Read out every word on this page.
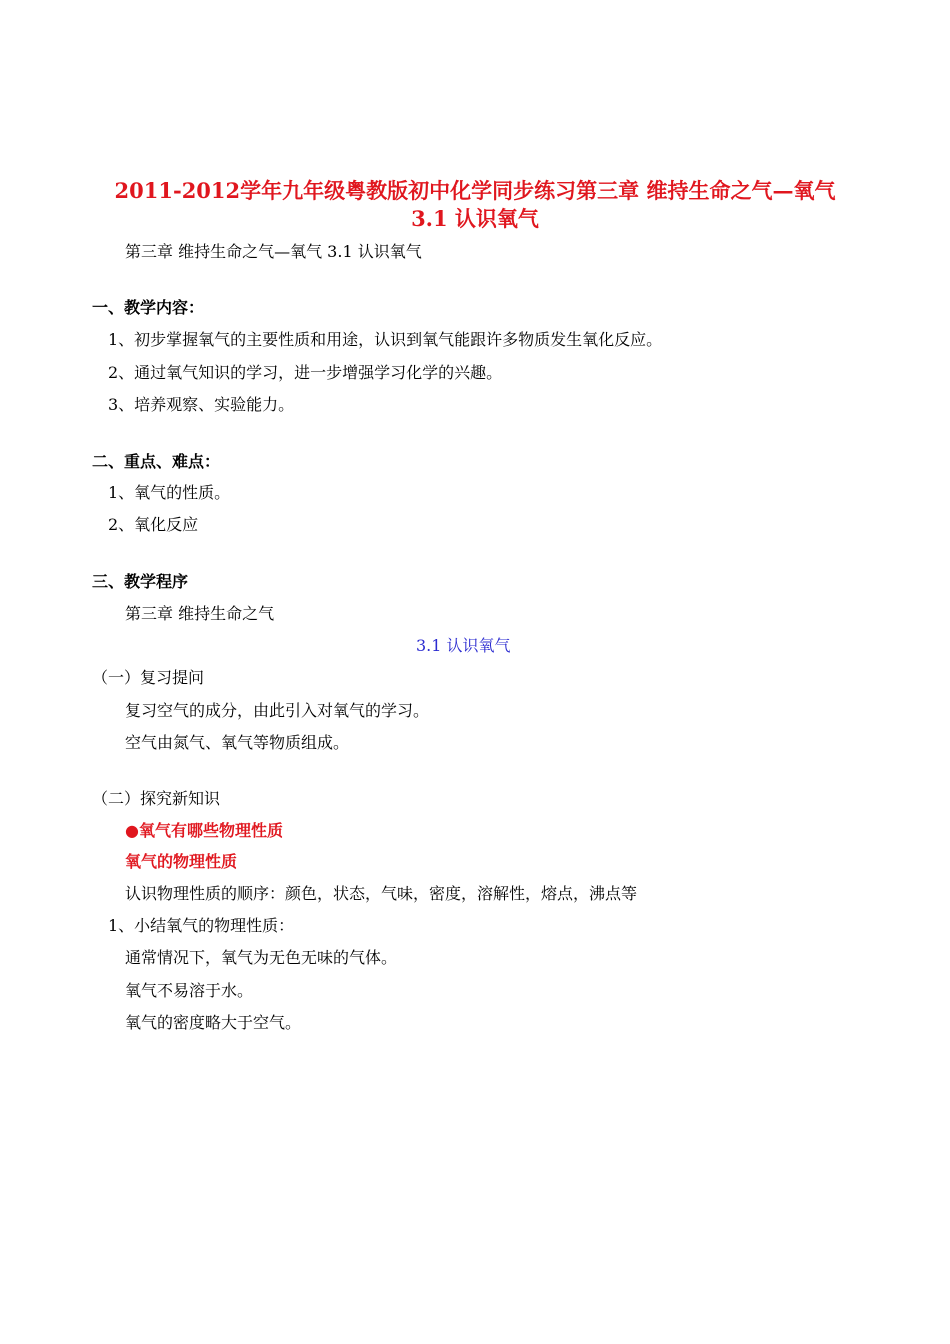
2011-2012学年九年级粤教版初中化学同步练习第三章 维持生命之气—氧气
3.1 认识氧气
第三章 维持生命之气—氧气 3.1 认识氧气
一、教学内容：
1、初步掌握氧气的主要性质和用途，认识到氧气能跟许多物质发生氧化反应。
2、通过氧气知识的学习，进一步增强学习化学的兴趣。
3、培养观察、实验能力。
二、重点、难点：
1、氧气的性质。
2、氧化反应
三、教学程序
第三章 维持生命之气
3.1 认识氧气
（一）复习提问
复习空气的成分，由此引入对氧气的学习。
空气由氮气、氧气等物质组成。
（二）探究新知识
●氧气有哪些物理性质
氧气的物理性质
认识物理性质的顺序：颜色，状态，气味，密度，溶解性，熔点，沸点等
1、小结氧气的物理性质：
通常情况下，氧气为无色无味的气体。
氧气不易溶于水。
氧气的密度略大于空气。
